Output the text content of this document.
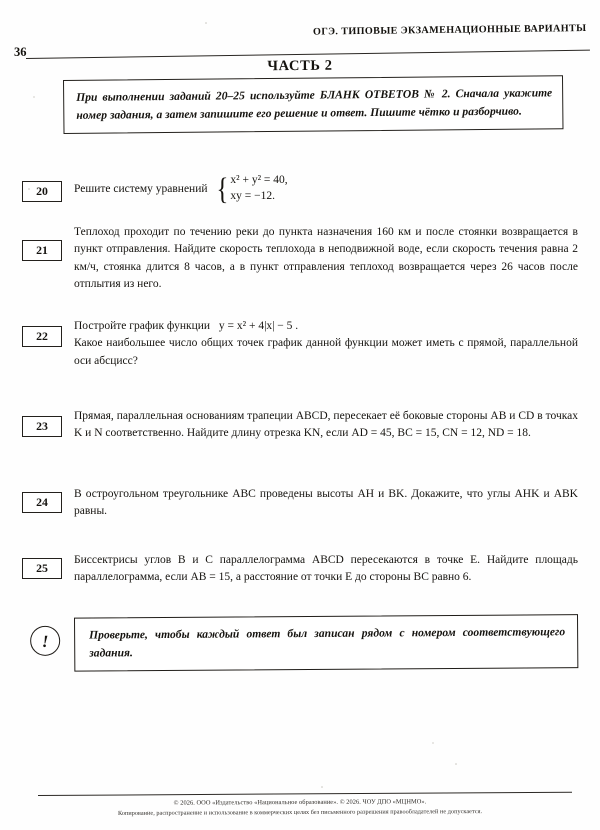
ОГЭ. ТИПОВЫЕ ЭКЗАМЕНАЦИОННЫЕ ВАРИАНТЫ
36
ЧАСТЬ 2

При выполнении заданий 20–25 используйте БЛАНК ОТВЕТОВ № 2. Сначала укажите номер задания, а затем запишите его решение и ответ. Пишите чётко и разборчиво.

20	Решите систему уравнений { x² + y² = 40,
xy = −12.

21
Теплоход проходит по течению реки до пункта назначения 160 км и после стоянки возвращается в пункт отправления. Найдите скорость теплохода в неподвижной воде, если скорость течения равна 2 км/ч, стоянка длится 8 часов, а в пункт отправления теплоход возвращается через 26 часов после отплытия из него.
22

Постройте график функции y = x² + 4|x| − 5 .

Какое наибольшее число общих точек график данной функции может иметь с прямой, параллельной оси абсцисс?

23
Прямая, параллельная основаниям трапеции ABCD, пересекает её боковые стороны AB и CD в точках K и N соответственно. Найдите длину отрезка KN, если AD = 45, BC = 15, CN = 12, ND = 18.
24
В остроугольном треугольнике ABC проведены высоты AH и BK. Докажите, что углы AHK и ABK равны.
25
Биссектрисы углов B и C параллелограмма ABCD пересекаются в точке E. Найдите площадь параллелограмма, если AB = 15, а расстояние от точки E до стороны BC равно 6.
!	Проверьте, чтобы каждый ответ был записан рядом с номером соответствующего задания.

© 2026. ООО «Издательство «Национальное образование». © 2026. ЧОУ ДПО «МЦНМО».
Копирование, распространение и использование в коммерческих целях без письменного разрешения правообладателей не допускается.
